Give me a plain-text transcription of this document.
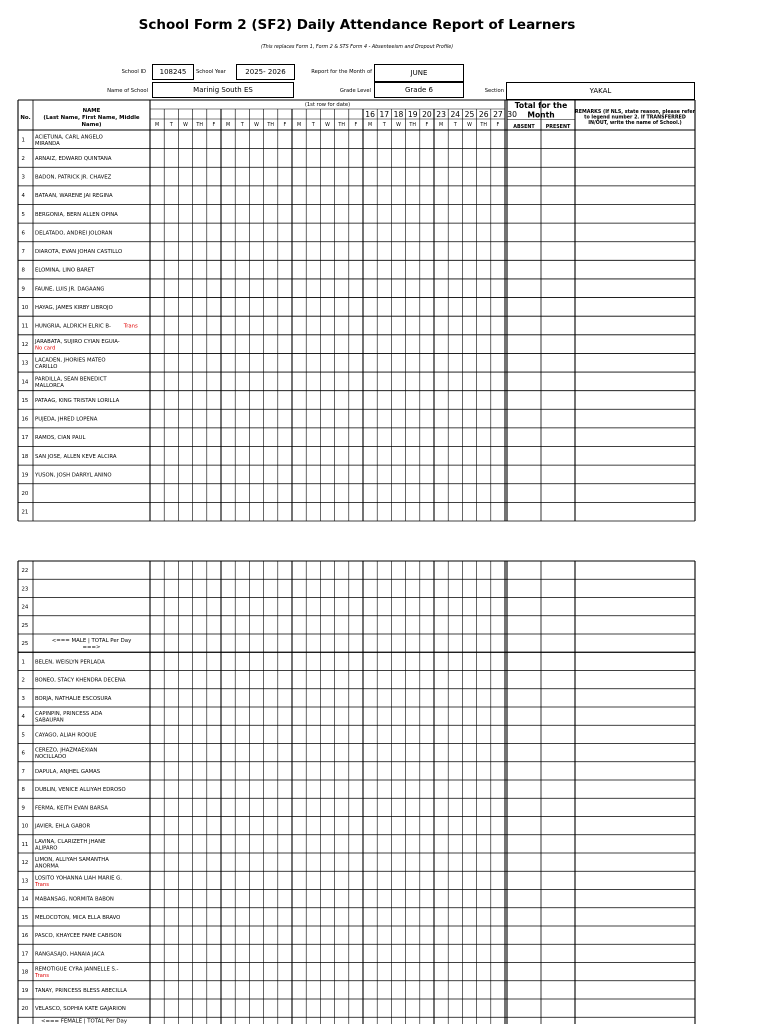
School Form 2 (SF2) Daily Attendance Report of Learners
(This replaces Form 1, Form 2 & STS Form 4 - Absenteeism and Dropout Profile)
School ID	108245	School Year	2025- 2026	Report for the Month of	JUNE
Name of School	Marinig South ES	Grade Level	Grade 6	Section	YAKAL
No.
NAME
(Last Name, First Name, Middle
Name)
(1st row for date)
16 17 18 19 20 23 24 25 26 27 30
M T W TH F M T W TH F M T W TH F M T W TH F M T W TH F
Total for the
Month
ABSENT PRESENT
REMARKS (If NLS, state reason, please refer
to legend number 2. If TRANSFERRED
IN/OUT, write the name of School.)
1 ACIETUNA, CARL ANGELO
MIRANDA
2 ARNAIZ, EDWARD QUINTANA
3 BADON, PATRICK JR. CHAVEZ
4 BATAAN, WARENE JAI REGINA
5 BERGONIA, BERN ALLEN OPINA
6 DELATADO, ANDREI JOLORAN
7 DIAROTA, EVAN JOHAN CASTILLO
8 ELOMINA, LINO BARET
9 FAUNE, LUIS JR. DAGAANG
10 HAYAG, JAMES KIRBY LIBROJO
11 HUNGRIA, ALDRICH ELRIC B- Trans
12 JARABATA, SUJIRO CYIAN EGUIA-
No card
13 LACADEN, JHORIES MATEO
CARILLO
14 PARDILLA, SEAN BENEDICT
MALLORCA
15 PATAAG, KING TRISTAN LORILLA
16 PUJEDA, JHRED LOPENA
17 RAMOS, CIAN PAUL
18 SAN JOSE, ALLEN KEVE ALCIRA
19 YUSON, JOSH DARRYL ANINO
20
21
22
23
24
25
25	<=== MALE | TOTAL Per Day
===>
1 BELEN, WEISLYN PERLADA
2 BONEO, STACY KHENDRA DECENA
3 BORJA, NATHALIE ESCOSURA
4 CAPINPIN, PRINCESS ADA
SABAUPAN
5 CAYAGO, ALIAH ROQUE
6 CEREZO, JHAZMAEXIAN
NOCILLADO
7 DAPULA, ANJHEL GAMAS
8 DUBLIN, VENICE ALLIYAH EDROSO
9 FERMA, KEITH EVAN BARSA
10 JAVIER, EHLA GABOR
11 LAVINA, CLARIZETH JHANE
ALIPARO
12 LIMON, ALLIYAH SAMANTHA
ANORMA
13 LOSITO YOHANNA LIAH MARIE G.
Trans
14 MABANSAG, NORMITA BABON
15 MELOCOTON, MICA ELLA BRAVO
16 PASCO, KHAYCEE FAME CABISON
17 RANGASAJO, HANAIA JACA
18 REMOTIGUE CYRA JANNELLE S.-
Trans
19 TANAY, PRINCESS BLESS ABECILLA
20 VELASCO, SOPHIA KATE GAJARION
<=== FEMALE | TOTAL Per Day
